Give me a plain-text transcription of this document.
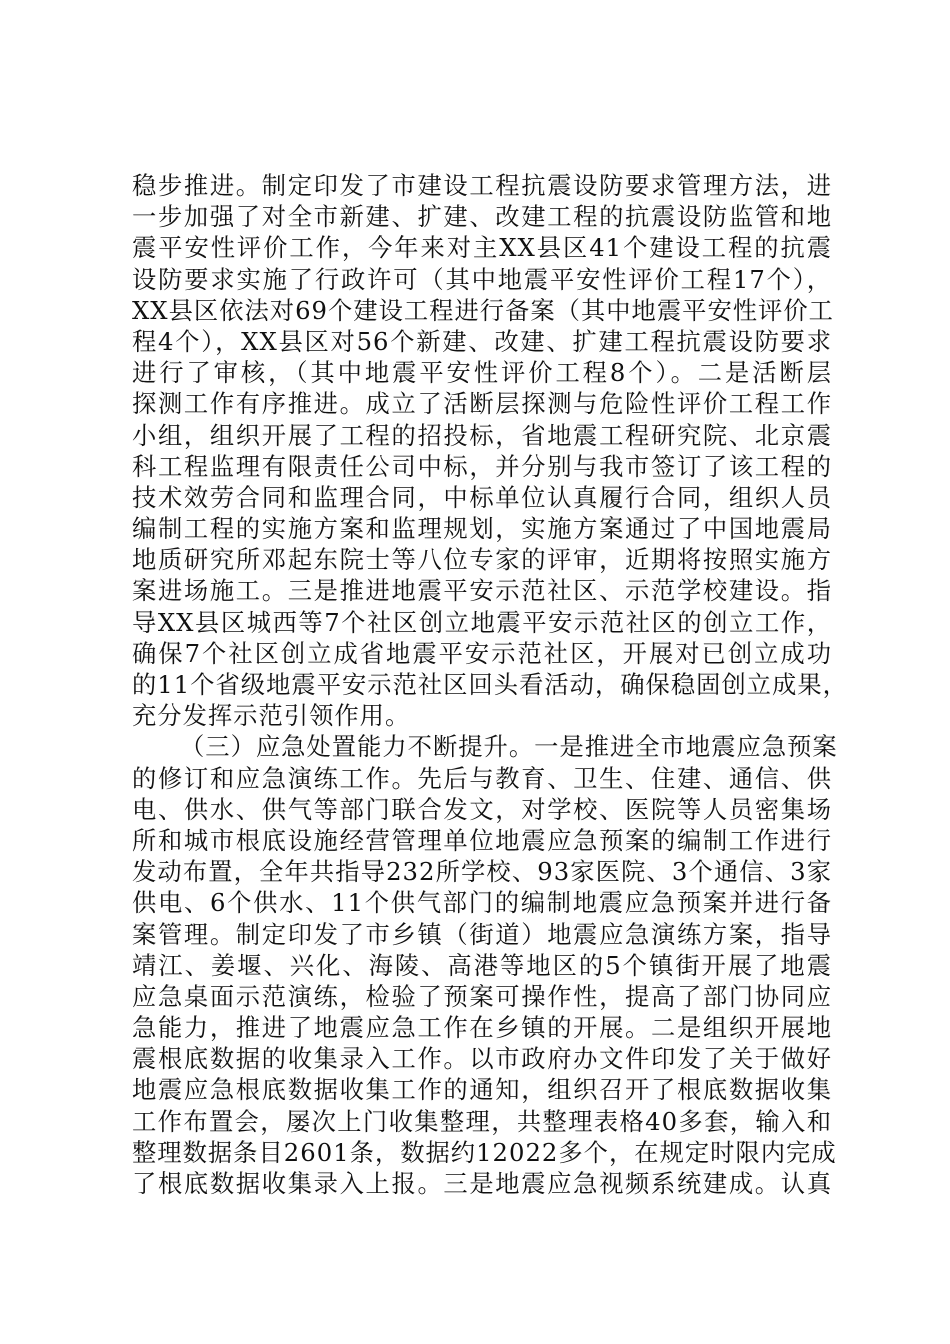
稳步推进。制定印发了市建设工程抗震设防要求管理方法，进
一步加强了对全市新建、扩建、改建工程的抗震设防监管和地
震平安性评价工作，今年来对主XX县区41个建设工程的抗震
设防要求实施了行政许可（其中地震平安性评价工程17个），
XX县区依法对69个建设工程进行备案（其中地震平安性评价工
程4个），XX县区对56个新建、改建、扩建工程抗震设防要求
进行了审核，（其中地震平安性评价工程8个）。二是活断层
探测工作有序推进。成立了活断层探测与危险性评价工程工作
小组，组织开展了工程的招投标，省地震工程研究院、北京震
科工程监理有限责任公司中标，并分别与我市签订了该工程的
技术效劳合同和监理合同，中标单位认真履行合同，组织人员
编制工程的实施方案和监理规划，实施方案通过了中国地震局
地质研究所邓起东院士等八位专家的评审，近期将按照实施方
案进场施工。三是推进地震平安示范社区、示范学校建设。指
导XX县区城西等7个社区创立地震平安示范社区的创立工作，
确保7个社区创立成省地震平安示范社区，开展对已创立成功
的11个省级地震平安示范社区回头看活动，确保稳固创立成果，
充分发挥示范引领作用。
（三）应急处置能力不断提升。一是推进全市地震应急预案
的修订和应急演练工作。先后与教育、卫生、住建、通信、供
电、供水、供气等部门联合发文，对学校、医院等人员密集场
所和城市根底设施经营管理单位地震应急预案的编制工作进行
发动布置，全年共指导232所学校、93家医院、3个通信、3家
供电、6个供水、11个供气部门的编制地震应急预案并进行备
案管理。制定印发了市乡镇（街道）地震应急演练方案，指导
靖江、姜堰、兴化、海陵、高港等地区的5个镇街开展了地震
应急桌面示范演练，检验了预案可操作性，提高了部门协同应
急能力，推进了地震应急工作在乡镇的开展。二是组织开展地
震根底数据的收集录入工作。以市政府办文件印发了关于做好
地震应急根底数据收集工作的通知，组织召开了根底数据收集
工作布置会，屡次上门收集整理，共整理表格40多套，输入和
整理数据条目2601条，数据约12022多个，在规定时限内完成
了根底数据收集录入上报。三是地震应急视频系统建成。认真
